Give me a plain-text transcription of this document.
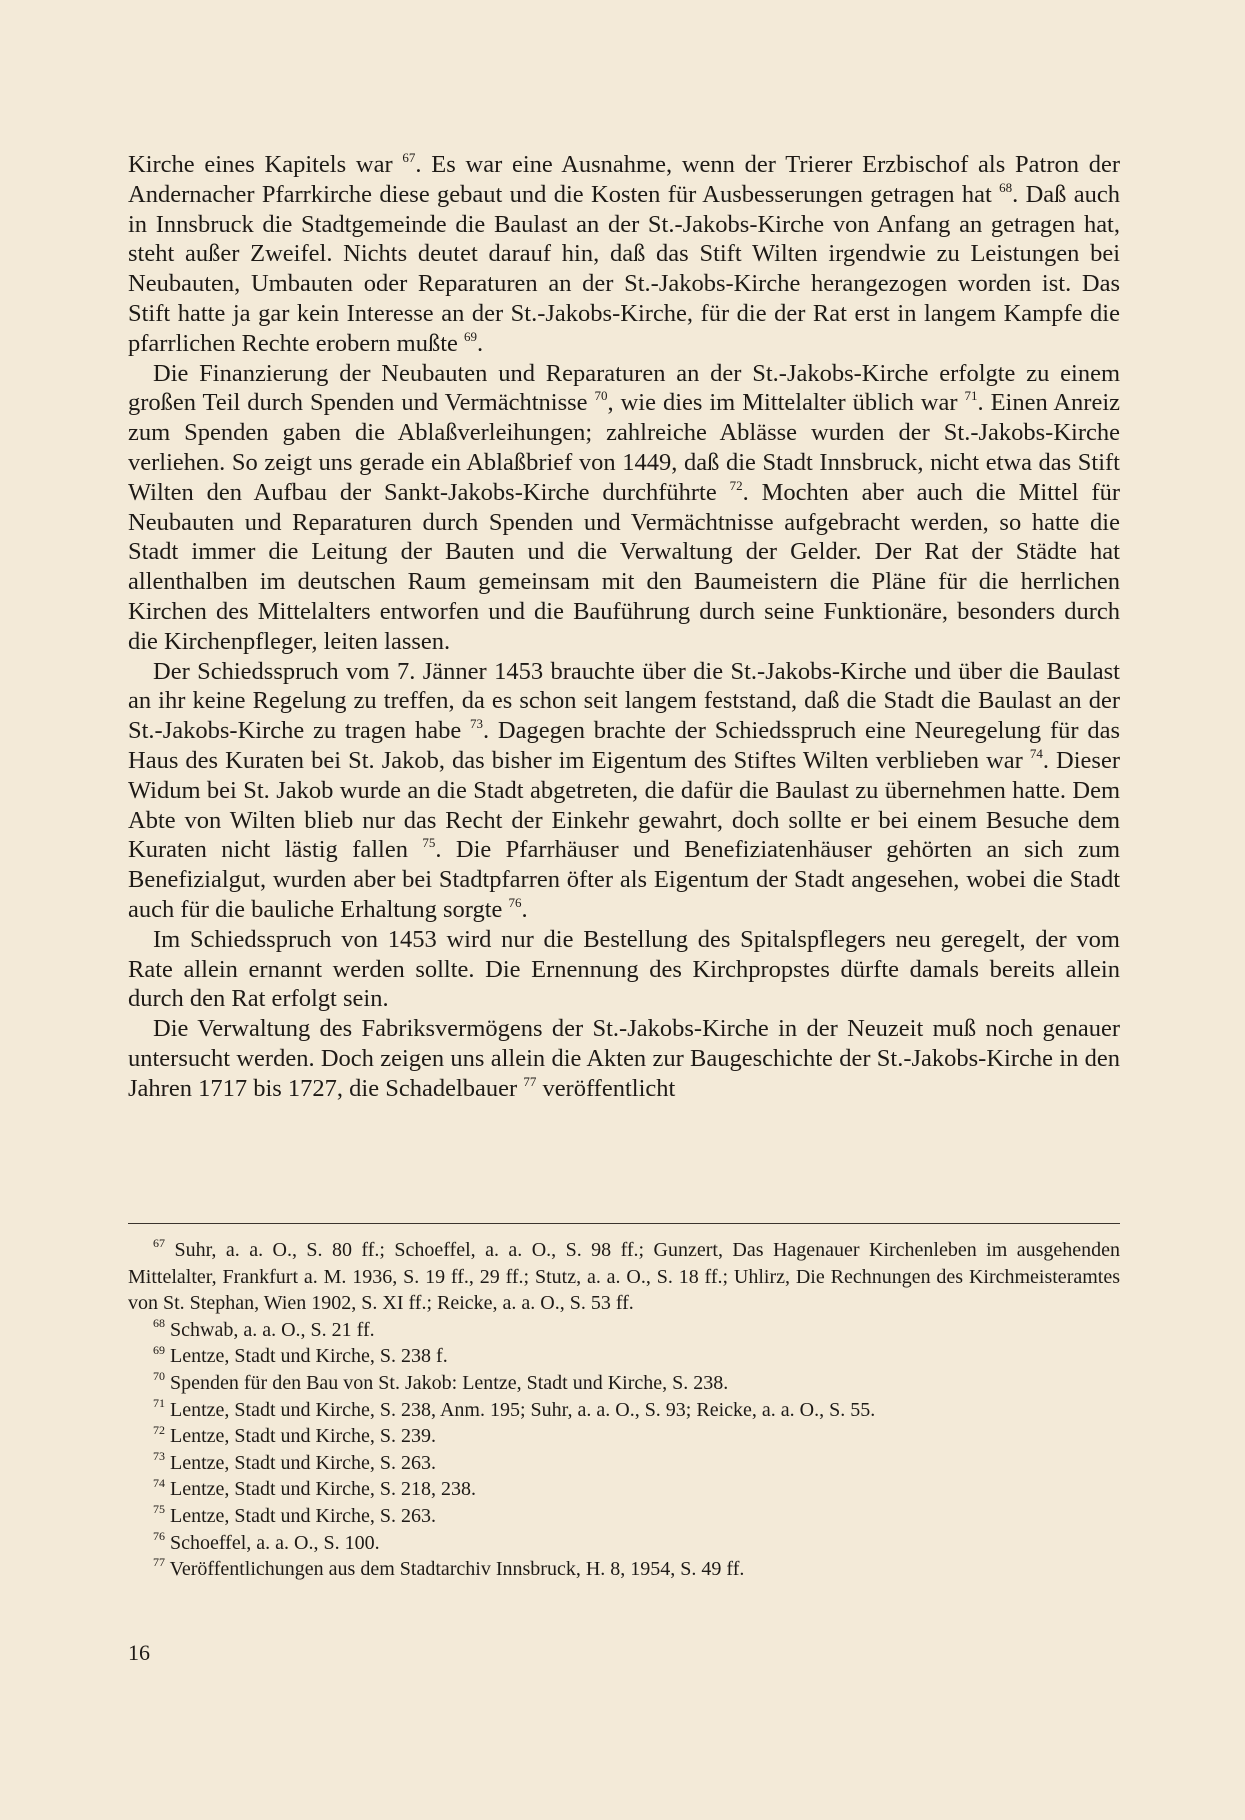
Kirche eines Kapitels war $^{67}$. Es war eine Ausnahme, wenn der Trierer Erzbischof als Patron der Andernacher Pfarrkirche diese gebaut und die Kosten für Ausbesserungen getragen hat $^{68}$. Daß auch in Innsbruck die Stadtgemeinde die Baulast an der St.-Jakobs-Kirche von Anfang an getragen hat, steht außer Zweifel. Nichts deutet darauf hin, daß das Stift Wilten irgendwie zu Leistungen bei Neubauten, Umbauten oder Reparaturen an der St.-Jakobs-Kirche herangezogen worden ist. Das Stift hatte ja gar kein Interesse an der St.-Jakobs-Kirche, für die der Rat erst in langem Kampfe die pfarrlichen Rechte erobern mußte $^{69}$.

Die Finanzierung der Neubauten und Reparaturen an der St.-Jakobs-Kirche erfolgte zu einem großen Teil durch Spenden und Vermächtnisse $^{70}$, wie dies im Mittelalter üblich war $^{71}$. Einen Anreiz zum Spenden gaben die Ablaßverleihungen; zahlreiche Ablässe wurden der St.-Jakobs-Kirche verliehen. So zeigt uns gerade ein Ablaßbrief von 1449, daß die Stadt Innsbruck, nicht etwa das Stift Wilten den Aufbau der Sankt-Jakobs-Kirche durchführte $^{72}$. Mochten aber auch die Mittel für Neubauten und Reparaturen durch Spenden und Vermächtnisse aufgebracht werden, so hatte die Stadt immer die Leitung der Bauten und die Verwaltung der Gelder. Der Rat der Städte hat allenthalben im deutschen Raum gemeinsam mit den Baumeistern die Pläne für die herrlichen Kirchen des Mittelalters entworfen und die Bauführung durch seine Funktionäre, besonders durch die Kirchenpfleger, leiten lassen.

Der Schiedsspruch vom 7. Jänner 1453 brauchte über die St.-Jakobs-Kirche und über die Baulast an ihr keine Regelung zu treffen, da es schon seit langem feststand, daß die Stadt die Baulast an der St.-Jakobs-Kirche zu tragen habe $^{73}$. Dagegen brachte der Schiedsspruch eine Neuregelung für das Haus des Kuraten bei St. Jakob, das bisher im Eigentum des Stiftes Wilten verblieben war $^{74}$. Dieser Widum bei St. Jakob wurde an die Stadt abgetreten, die dafür die Baulast zu übernehmen hatte. Dem Abte von Wilten blieb nur das Recht der Einkehr gewahrt, doch sollte er bei einem Besuche dem Kuraten nicht lästig fallen $^{75}$. Die Pfarrhäuser und Benefiziatenhäuser gehörten an sich zum Benefizialgut, wurden aber bei Stadtpfarren öfter als Eigentum der Stadt angesehen, wobei die Stadt auch für die bauliche Erhaltung sorgte $^{76}$.

Im Schiedsspruch von 1453 wird nur die Bestellung des Spitalspflegers neu geregelt, der vom Rate allein ernannt werden sollte. Die Ernennung des Kirchpropstes dürfte damals bereits allein durch den Rat erfolgt sein.

Die Verwaltung des Fabriksvermögens der St.-Jakobs-Kirche in der Neuzeit muß noch genauer untersucht werden. Doch zeigen uns allein die Akten zur Baugeschichte der St.-Jakobs-Kirche in den Jahren 1717 bis 1727, die Schadelbauer $^{77}$ veröffentlicht

$^{67}$ Suhr, a. a. O., S. 80 ff.; Schoeffel, a. a. O., S. 98 ff.; Gunzert, Das Hagenauer Kirchenleben im ausgehenden Mittelalter, Frankfurt a. M. 1936, S. 19 ff., 29 ff.; Stutz, a. a. O., S. 18 ff.; Uhlirz, Die Rechnungen des Kirchmeisteramtes von St. Stephan, Wien 1902, S. XI ff.; Reicke, a. a. O., S. 53 ff.

$^{68}$ Schwab, a. a. O., S. 21 ff.

$^{69}$ Lentze, Stadt und Kirche, S. 238 f.

$^{70}$ Spenden für den Bau von St. Jakob: Lentze, Stadt und Kirche, S. 238.

$^{71}$ Lentze, Stadt und Kirche, S. 238, Anm. 195; Suhr, a. a. O., S. 93; Reicke, a. a. O., S. 55.

$^{72}$ Lentze, Stadt und Kirche, S. 239.

$^{73}$ Lentze, Stadt und Kirche, S. 263.

$^{74}$ Lentze, Stadt und Kirche, S. 218, 238.

$^{75}$ Lentze, Stadt und Kirche, S. 263.

$^{76}$ Schoeffel, a. a. O., S. 100.

$^{77}$ Veröffentlichungen aus dem Stadtarchiv Innsbruck, H. 8, 1954, S. 49 ff.

16
